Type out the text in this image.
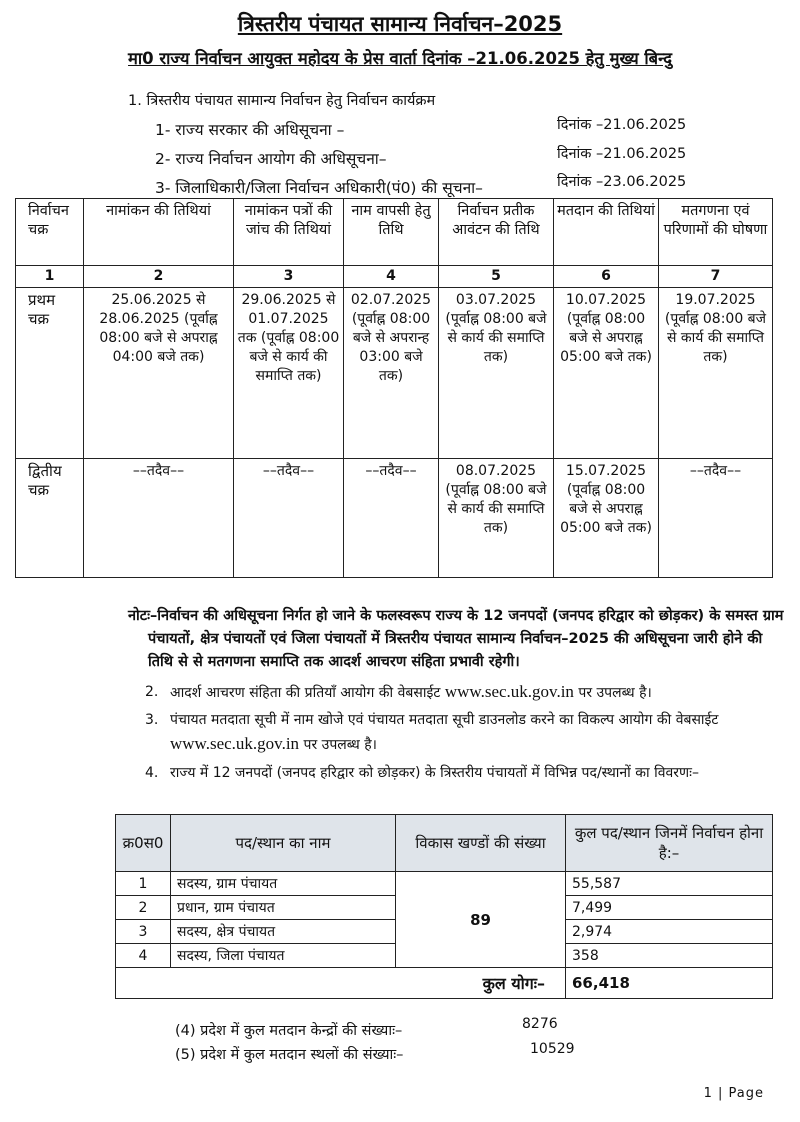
त्रिस्तरीय पंचायत सामान्य निर्वाचन–2025
मा0 राज्य निर्वाचन आयुक्त महोदय के प्रेस वार्ता दिनांक –21.06.2025 हेतु मुख्य बिन्दु
1. त्रिस्तरीय पंचायत सामान्य निर्वाचन हेतु निर्वाचन कार्यक्रम
1- राज्य सरकार की अधिसूचना –	दिनांक –21.06.2025
2- राज्य निर्वाचन आयोग की अधिसूचना–	दिनांक –21.06.2025
3- जिलाधिकारी/जिला निर्वाचन अधिकारी(पं0) की सूचना–	दिनांक –23.06.2025
निर्वाचन चक्र	नामांकन की तिथियां	नामांकन पत्रों की जांच की तिथियां	नाम वापसी हेतु तिथि	निर्वाचन प्रतीक आवंटन की तिथि	मतदान की तिथियां	मतगणना एवं परिणामों की घोषणा
1	2	3	4	5	6	7
प्रथम चक्र	25.06.2025 से 28.06.2025 (पूर्वाह्न 08:00 बजे से अपराह्न 04:00 बजे तक)	29.06.2025 से 01.07.2025 तक (पूर्वाह्न 08:00 बजे से कार्य की समाप्ति तक)	02.07.2025 (पूर्वाह्न 08:00 बजे से अपरान्ह 03:00 बजे तक)	03.07.2025 (पूर्वाह्न 08:00 बजे से कार्य की समाप्ति तक)	10.07.2025 (पूर्वाह्न 08:00 बजे से अपराह्न 05:00 बजे तक)	19.07.2025 (पूर्वाह्न 08:00 बजे से कार्य की समाप्ति तक)
द्वितीय चक्र	––तदैव––	––तदैव––	––तदैव––	08.07.2025 (पूर्वाह्न 08:00 बजे से कार्य की समाप्ति तक)	15.07.2025 (पूर्वाह्न 08:00 बजे से अपराह्न 05:00 बजे तक)	––तदैव––
नोटः–निर्वाचन की अधिसूचना निर्गत हो जाने के फलस्वरूप राज्य के 12 जनपदों (जनपद हरिद्वार को छोड़कर) के समस्त ग्राम पंचायतों, क्षेत्र पंचायतों एवं जिला पंचायतों में त्रिस्तरीय पंचायत सामान्य निर्वाचन–2025 की अधिसूचना जारी होने की तिथि से से मतगणना समाप्ति तक आदर्श आचरण संहिता प्रभावी रहेगी।
2. आदर्श आचरण संहिता की प्रतियाँ आयोग की वेबसाईट www.sec.uk.gov.in पर उपलब्ध है।
3. पंचायत मतदाता सूची में नाम खोजे एवं पंचायत मतदाता सूची डाउनलोड करने का विकल्प आयोग की वेबसाईट www.sec.uk.gov.in पर उपलब्ध है।
4. राज्य में 12 जनपदों (जनपद हरिद्वार को छोड़कर) के त्रिस्तरीय पंचायतों में विभिन्न पद/स्थानों का विवरणः–
क्र0स0	पद/स्थान का नाम	विकास खण्डों की संख्या	कुल पद/स्थान जिनमें निर्वाचन होना है:–
1	सदस्य, ग्राम पंचायत	89	55,587
2	प्रधान, ग्राम पंचायत		7,499
3	सदस्य, क्षेत्र पंचायत		2,974
4	सदस्य, जिला पंचायत		358
कुल योगः–			66,418
(4) प्रदेश में कुल मतदान केन्द्रों की संख्याः–	8276
(5) प्रदेश में कुल मतदान स्थलों की संख्याः–	10529
1 | Page
